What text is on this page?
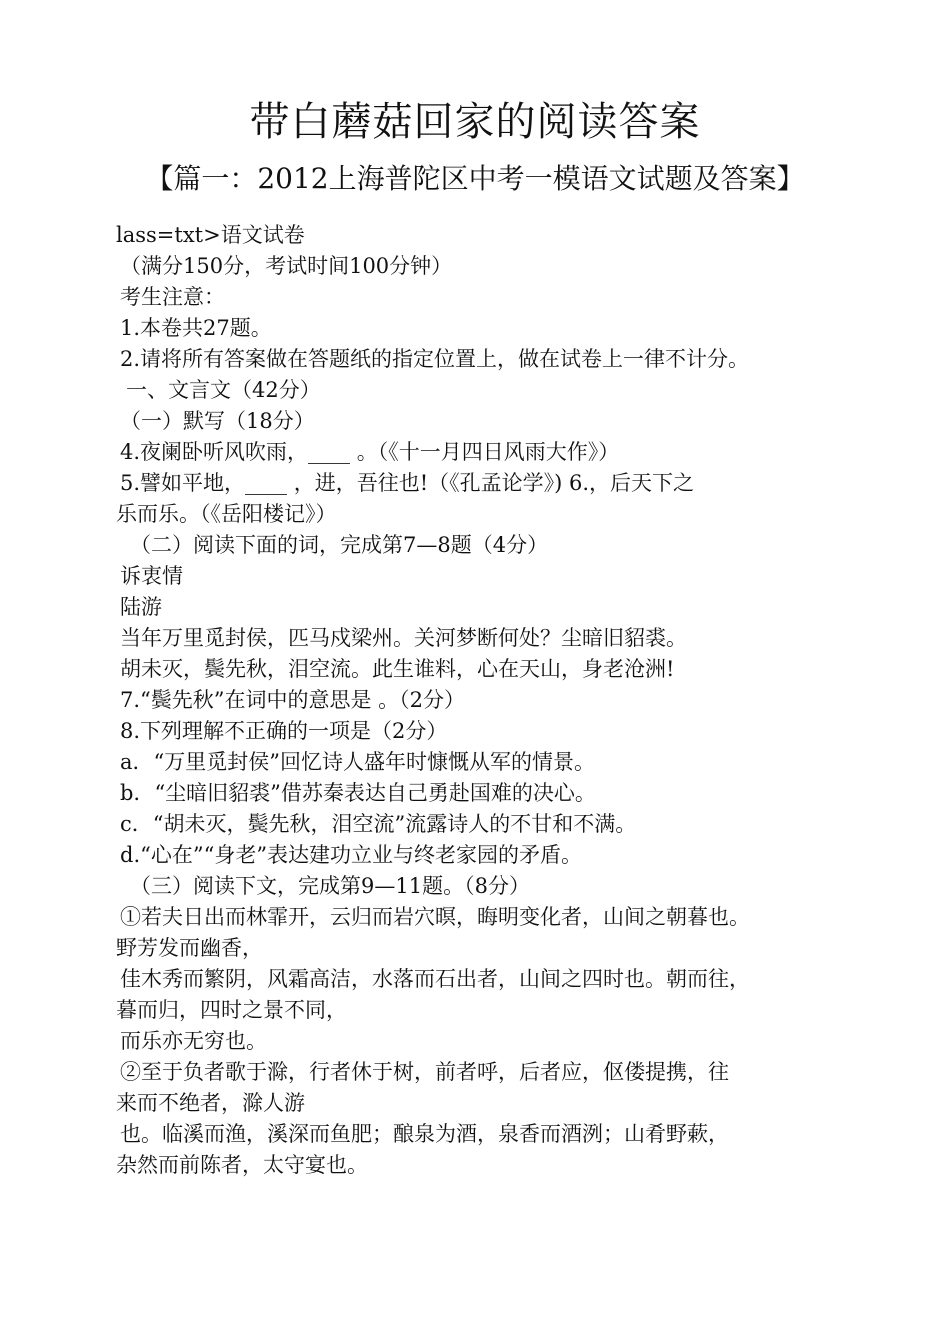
带白蘑菇回家的阅读答案
【篇一：2012上海普陀区中考一模语文试题及答案】

lass=txt>语文试卷

（满分150分，考试时间100分钟）

考生注意：

1.本卷共27题。

2.请将所有答案做在答题纸的指定位置上，做在试卷上一律不计分。

一、文言文（42分）

（一）默写（18分）

4.夜阑卧听风吹雨，____ 。（《十一月四日风雨大作》）

5.譬如平地，____ ，进，吾往也!（《孔孟论学》) 6.，后天下之

乐而乐。（《岳阳楼记》）

（二）阅读下面的词，完成第7—8题（4分）

诉衷情

陆游

当年万里觅封侯，匹马戍梁州。关河梦断何处？尘暗旧貂裘。

胡未灭，鬓先秋，泪空流。此生谁料，心在天山，身老沧洲!

7.“鬓先秋”在词中的意思是 。（2分）

8.下列理解不正确的一项是（2分）

a．“万里觅封侯”回忆诗人盛年时慷慨从军的情景。

b．“尘暗旧貂裘”借苏秦表达自己勇赴国难的决心。

c．“胡未灭，鬓先秋，泪空流”流露诗人的不甘和不满。

d.“心在”“身老”表达建功立业与终老家园的矛盾。

（三）阅读下文，完成第9—11题。（8分）

①若夫日出而林霏开，云归而岩穴暝，晦明变化者，山间之朝暮也。

野芳发而幽香，

佳木秀而繁阴，风霜高洁，水落而石出者，山间之四时也。朝而往，

暮而归，四时之景不同，

而乐亦无穷也。

②至于负者歌于滁，行者休于树，前者呼，后者应，伛偻提携，往

来而不绝者，滁人游

也。临溪而渔，溪深而鱼肥；酿泉为酒，泉香而酒洌；山肴野蔌，

杂然而前陈者，太守宴也。
